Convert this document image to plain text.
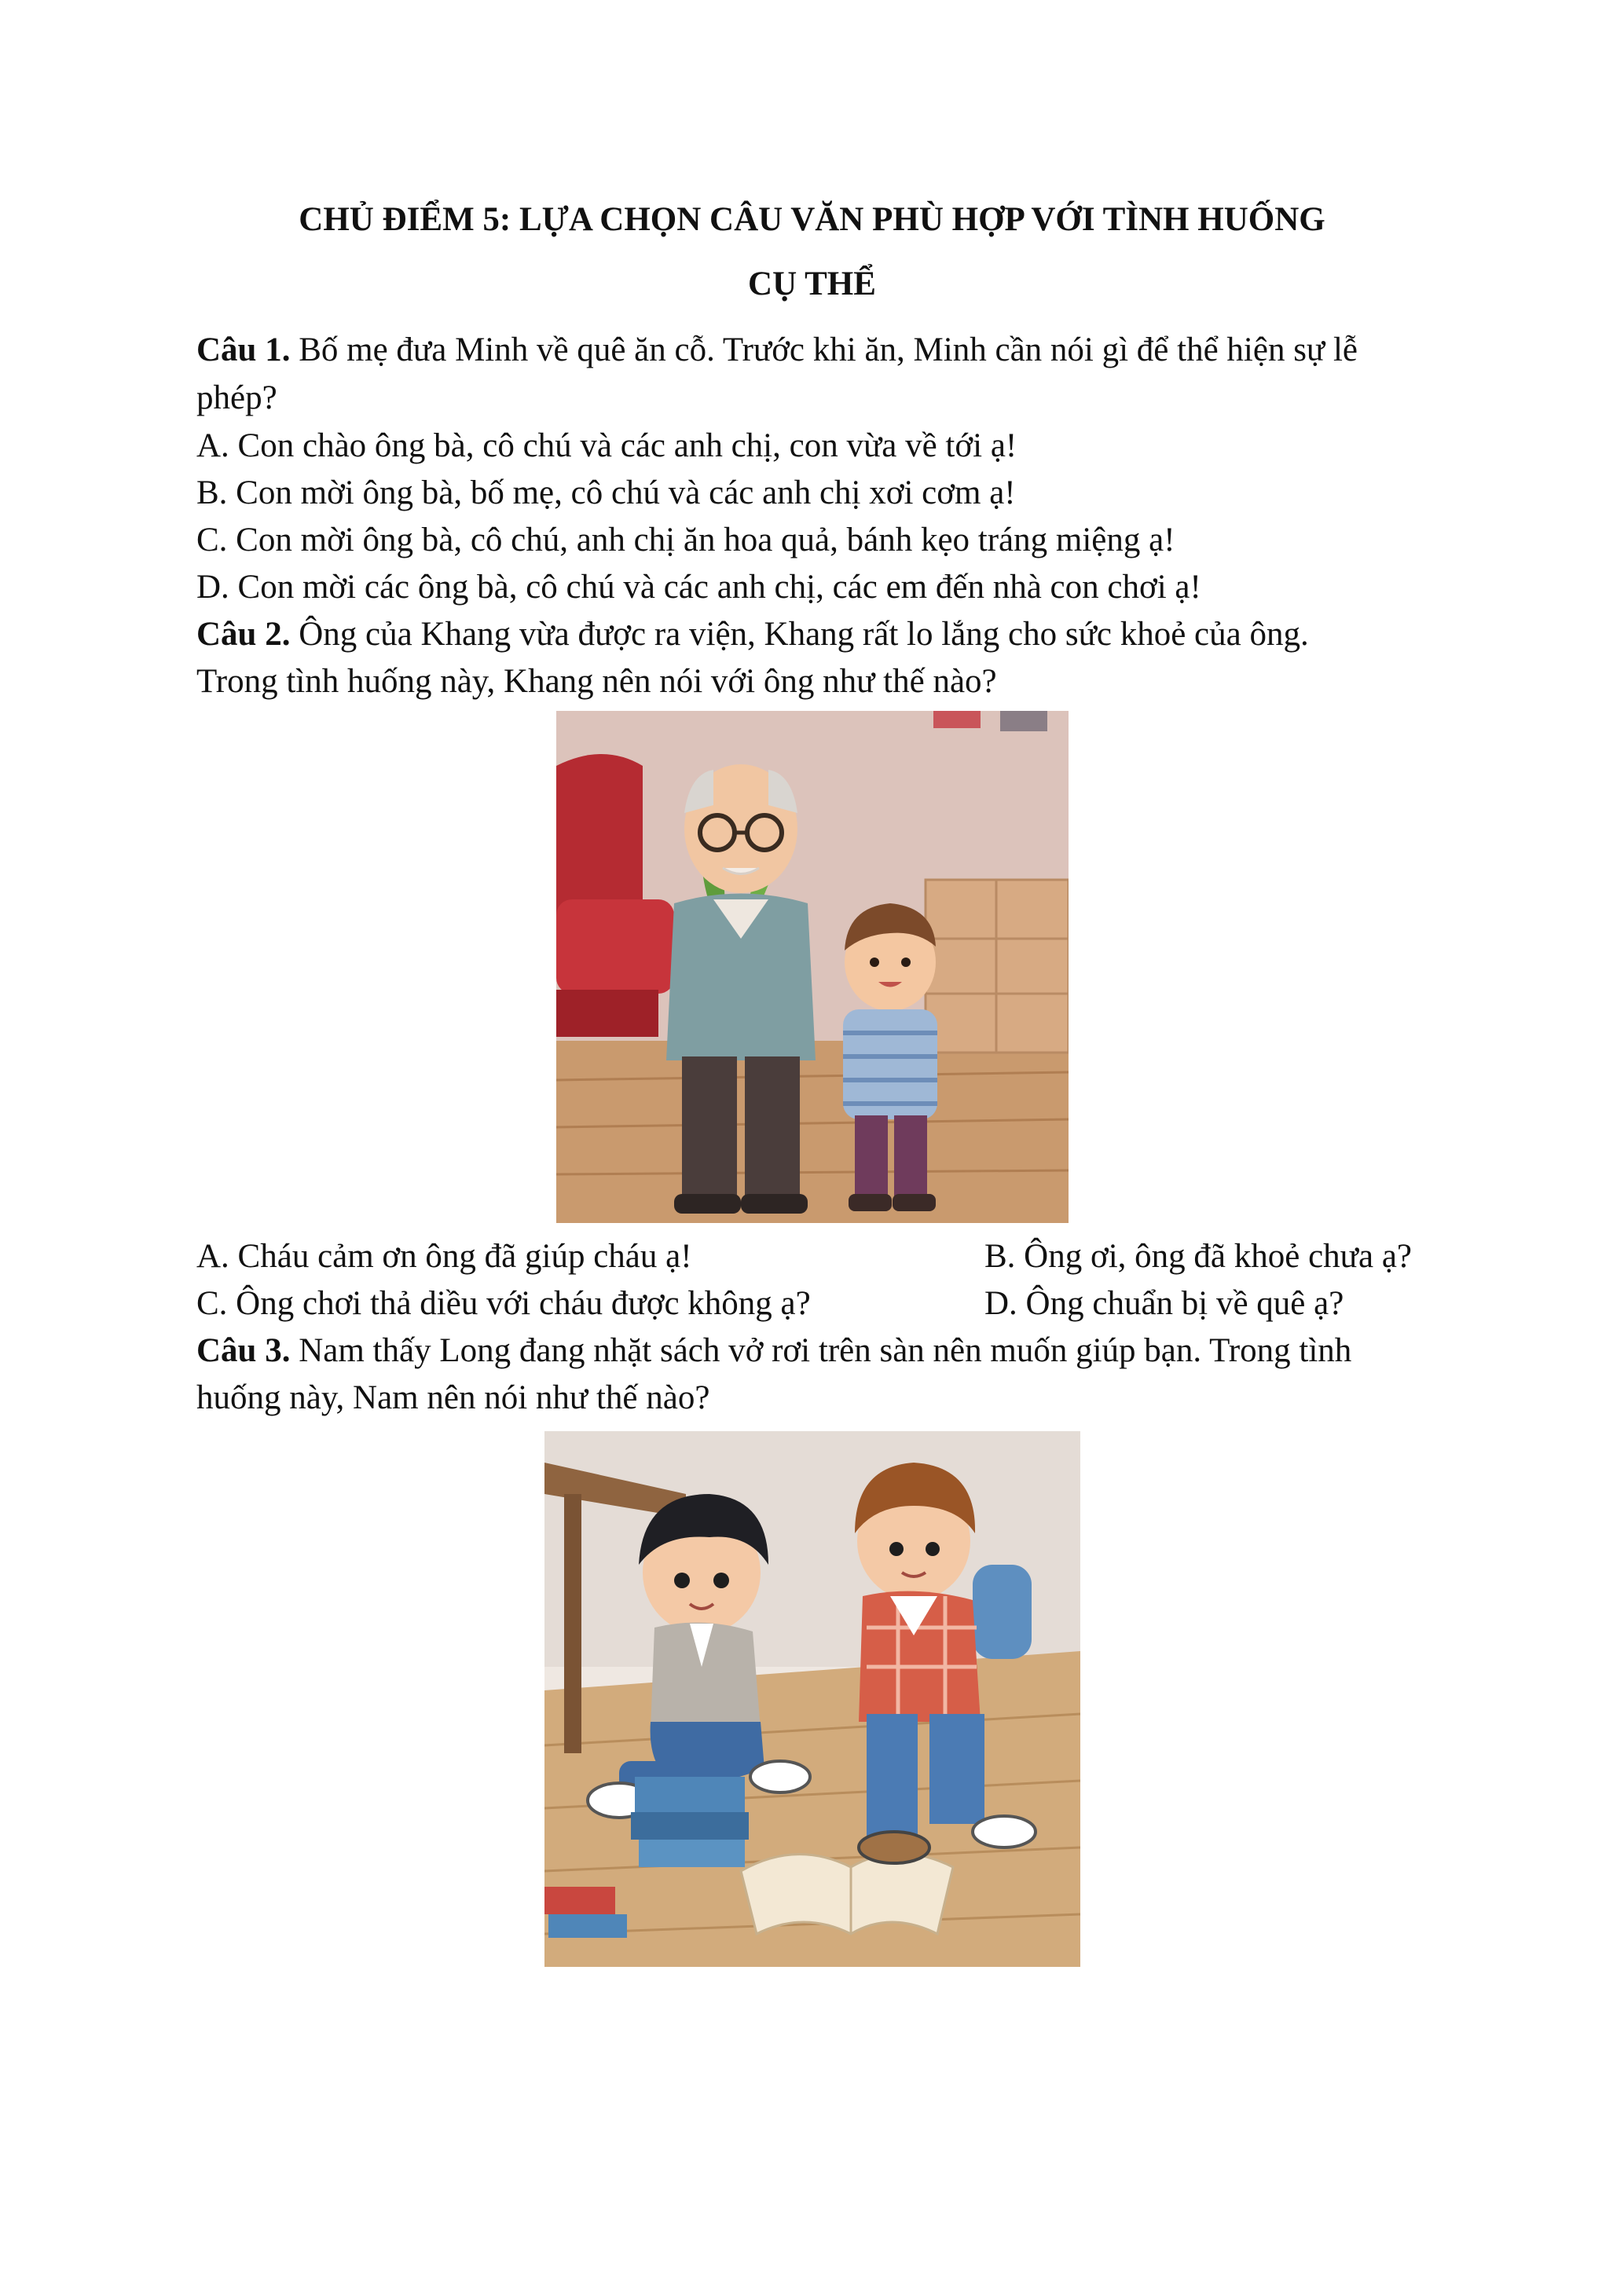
CHỦ ĐIỂM 5: LỰA CHỌN CÂU VĂN PHÙ HỢP VỚI TÌNH HUỐNG
CỤ THỂ
Câu 1. Bố mẹ đưa Minh về quê ăn cỗ. Trước khi ăn, Minh cần nói gì để thể hiện sự lễ
phép?
A. Con chào ông bà, cô chú và các anh chị, con vừa về tới ạ!
B. Con mời ông bà, bố mẹ, cô chú và các anh chị xơi cơm ạ!
C. Con mời ông bà, cô chú, anh chị ăn hoa quả, bánh kẹo tráng miệng ạ!
D. Con mời các ông bà, cô chú và các anh chị, các em đến nhà con chơi ạ!
Câu 2. Ông của Khang vừa được ra viện, Khang rất lo lắng cho sức khoẻ của ông.
Trong tình huống này, Khang nên nói với ông như thế nào?
A. Cháu cảm ơn ông đã giúp cháu ạ!	B. Ông ơi, ông đã khoẻ chưa ạ?
C. Ông chơi thả diều với cháu được không ạ?	D. Ông chuẩn bị về quê ạ?
Câu 3. Nam thấy Long đang nhặt sách vở rơi trên sàn nên muốn giúp bạn. Trong tình
huống này, Nam nên nói như thế nào?
